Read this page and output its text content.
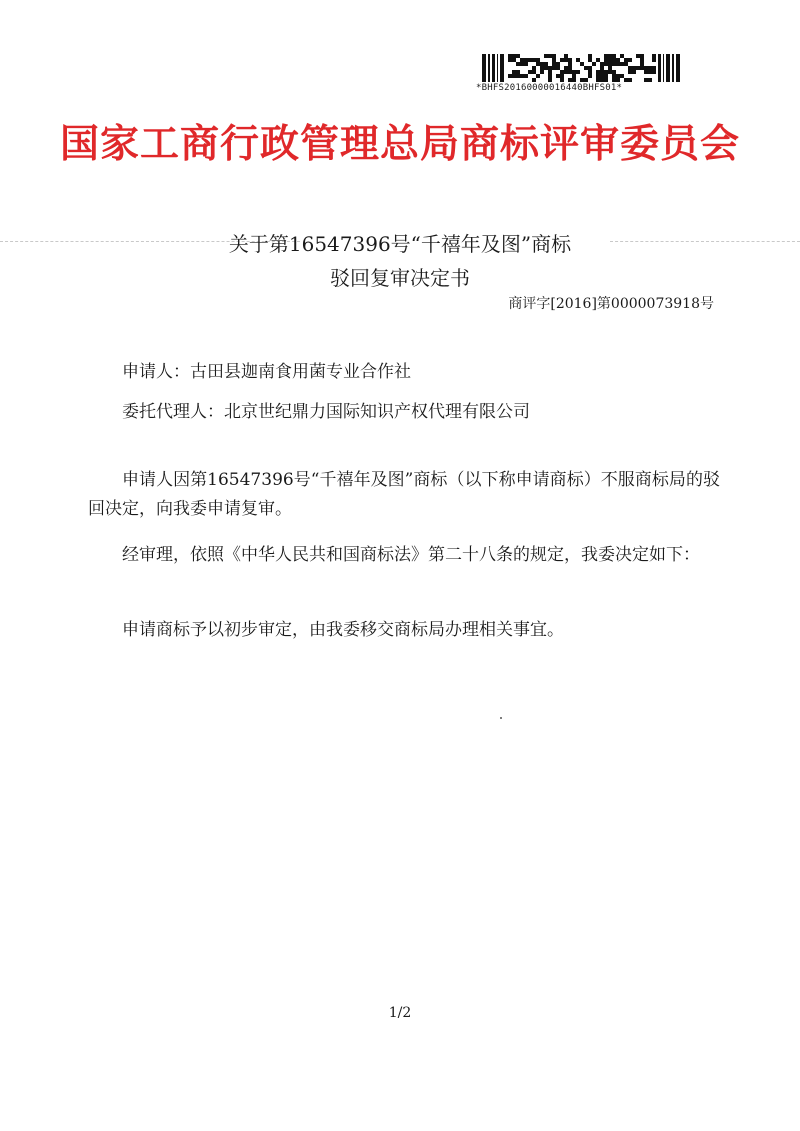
*BHFS20160000016440BHFS01*
国家工商行政管理总局商标评审委员会
关于第16547396号“千禧年及图”商标
驳回复审决定书
商评字[2016]第0000073918号
申请人：古田县迦南食用菌专业合作社
委托代理人：北京世纪鼎力国际知识产权代理有限公司
申请人因第16547396号“千禧年及图”商标（以下称申请商标）不服商标局的驳回决定，向我委申请复审。
经审理，依照《中华人民共和国商标法》第二十八条的规定，我委决定如下：
申请商标予以初步审定，由我委移交商标局办理相关事宜。
1/2
